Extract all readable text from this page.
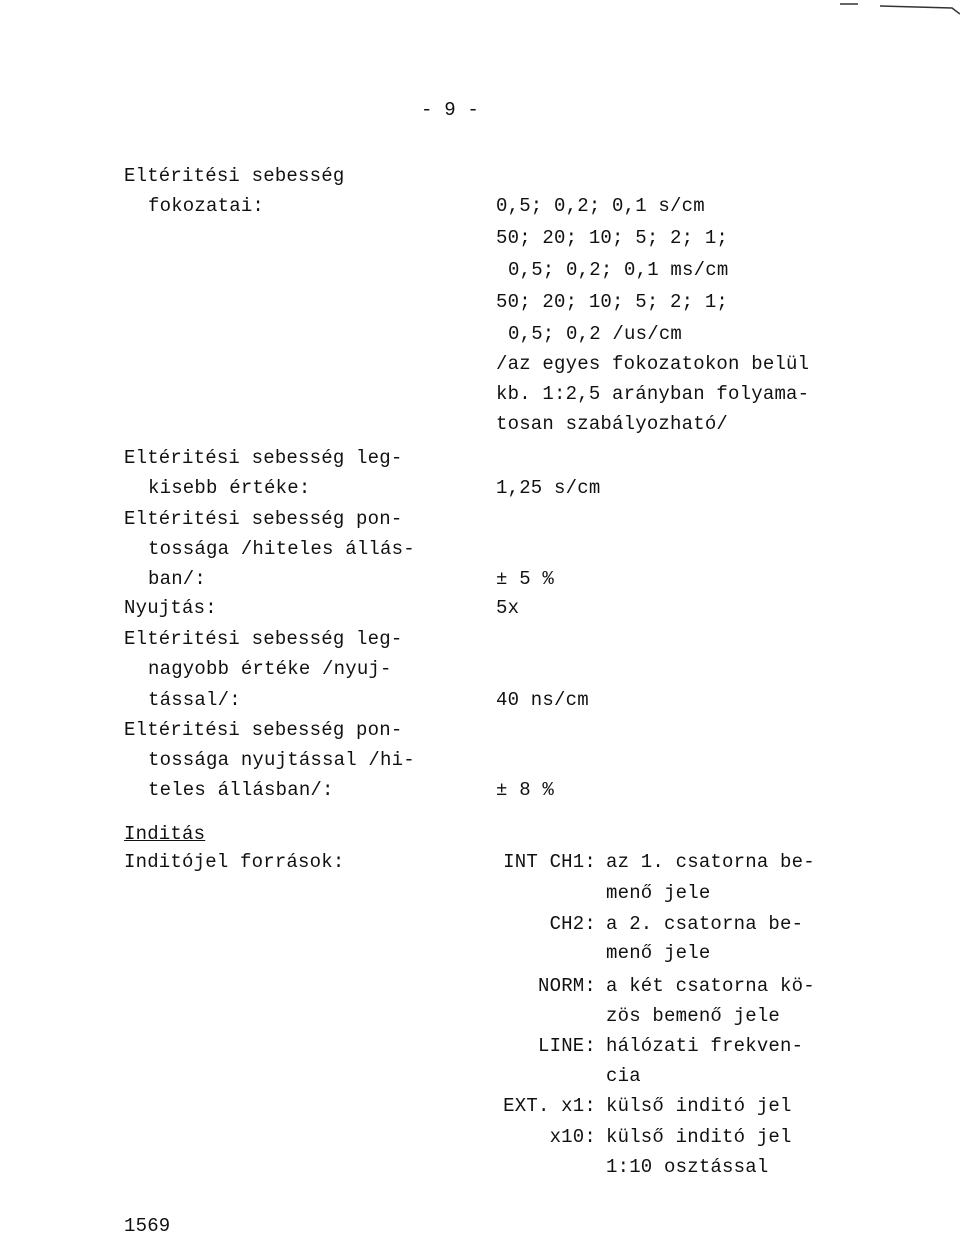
- 9 -
Eltéritési sebesség
fokozatai:
Eltéritési sebesség leg-
kisebb értéke:
Eltéritési sebesség pon-
tossága /hiteles állás-
ban/:
Nyujtás:
Eltéritési sebesség leg-
nagyobb értéke /nyuj-
tással/:
Eltéritési sebesség pon-
tossága nyujtással /hi-
teles állásban/:
Inditás
Inditójel források:
0,5; 0,2; 0,1 s/cm
50; 20; 10; 5; 2; 1;
0,5; 0,2; 0,1 ms/cm
50; 20; 10; 5; 2; 1;
0,5; 0,2 /us/cm
/az egyes fokozatokon belül
kb. 1:2,5 arányban folyama-
tosan szabályozható/
1,25 s/cm
± 5 %
5x
40 ns/cm
± 8 %
INT CH1:
CH2:
NORM:
LINE:
EXT. x1:
x10:
az 1. csatorna be-
menő jele
a 2. csatorna be-
menő jele
a két csatorna kö-
zös bemenő jele
hálózati frekven-
cia
külső inditó jel
külső inditó jel
1:10 osztással
1569
